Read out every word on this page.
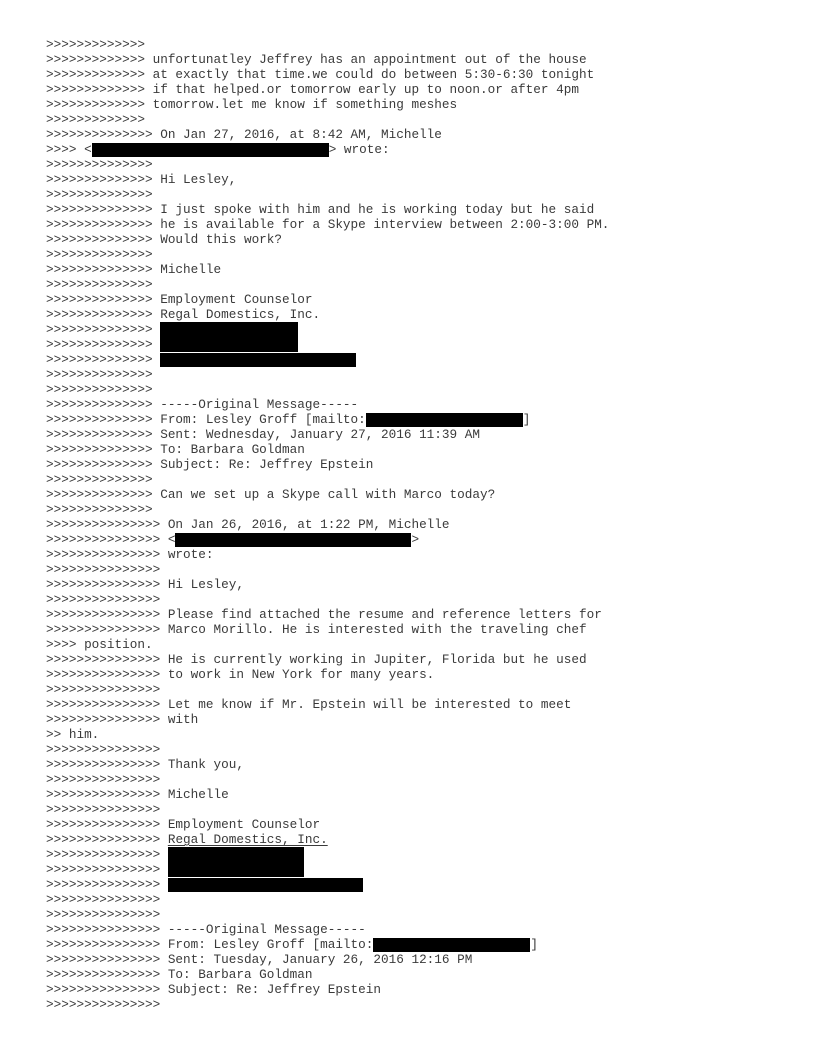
>>>>>>>>>>>>>
>>>>>>>>>>>>> unfortunatley Jeffrey has an appointment out of the house
>>>>>>>>>>>>> at exactly that time.we could do between 5:30-6:30 tonight
>>>>>>>>>>>>> if that helped.or tomorrow early up to noon.or after 4pm
>>>>>>>>>>>>> tomorrow.let me know if something meshes
>>>>>>>>>>>>>
>>>>>>>>>>>>>> On Jan 27, 2016, at 8:42 AM, Michelle
>>>> <	> wrote:
>>>>>>>>>>>>>>
>>>>>>>>>>>>>> Hi Lesley,
>>>>>>>>>>>>>>
>>>>>>>>>>>>>> I just spoke with him and he is working today but he said
>>>>>>>>>>>>>> he is available for a Skype interview between 2:00-3:00 PM.
>>>>>>>>>>>>>> Would this work?
>>>>>>>>>>>>>>
>>>>>>>>>>>>>> Michelle
>>>>>>>>>>>>>>
>>>>>>>>>>>>>> Employment Counselor
>>>>>>>>>>>>>> Regal Domestics, Inc.
>>>>>>>>>>>>>>
>>>>>>>>>>>>>>
>>>>>>>>>>>>>>
>>>>>>>>>>>>>>
>>>>>>>>>>>>>>
>>>>>>>>>>>>>> -----Original Message-----
>>>>>>>>>>>>>> From: Lesley Groff [mailto:	]
>>>>>>>>>>>>>> Sent: Wednesday, January 27, 2016 11:39 AM
>>>>>>>>>>>>>> To: Barbara Goldman
>>>>>>>>>>>>>> Subject: Re: Jeffrey Epstein
>>>>>>>>>>>>>>
>>>>>>>>>>>>>> Can we set up a Skype call with Marco today?
>>>>>>>>>>>>>>
>>>>>>>>>>>>>>> On Jan 26, 2016, at 1:22 PM, Michelle
>>>>>>>>>>>>>>> <	>
>>>>>>>>>>>>>>> wrote:
>>>>>>>>>>>>>>>
>>>>>>>>>>>>>>> Hi Lesley,
>>>>>>>>>>>>>>>
>>>>>>>>>>>>>>> Please find attached the resume and reference letters for
>>>>>>>>>>>>>>> Marco Morillo. He is interested with the traveling chef
>>>> position.
>>>>>>>>>>>>>>> He is currently working in Jupiter, Florida but he used
>>>>>>>>>>>>>>> to work in New York for many years.
>>>>>>>>>>>>>>>
>>>>>>>>>>>>>>> Let me know if Mr. Epstein will be interested to meet
>>>>>>>>>>>>>>> with
>> him.
>>>>>>>>>>>>>>>
>>>>>>>>>>>>>>> Thank you,
>>>>>>>>>>>>>>>
>>>>>>>>>>>>>>> Michelle
>>>>>>>>>>>>>>>
>>>>>>>>>>>>>>> Employment Counselor
>>>>>>>>>>>>>>> Regal Domestics, Inc.
>>>>>>>>>>>>>>>
>>>>>>>>>>>>>>>
>>>>>>>>>>>>>>>
>>>>>>>>>>>>>>>
>>>>>>>>>>>>>>>
>>>>>>>>>>>>>>> -----Original Message-----
>>>>>>>>>>>>>>> From: Lesley Groff [mailto:	]
>>>>>>>>>>>>>>> Sent: Tuesday, January 26, 2016 12:16 PM
>>>>>>>>>>>>>>> To: Barbara Goldman
>>>>>>>>>>>>>>> Subject: Re: Jeffrey Epstein
>>>>>>>>>>>>>>>
